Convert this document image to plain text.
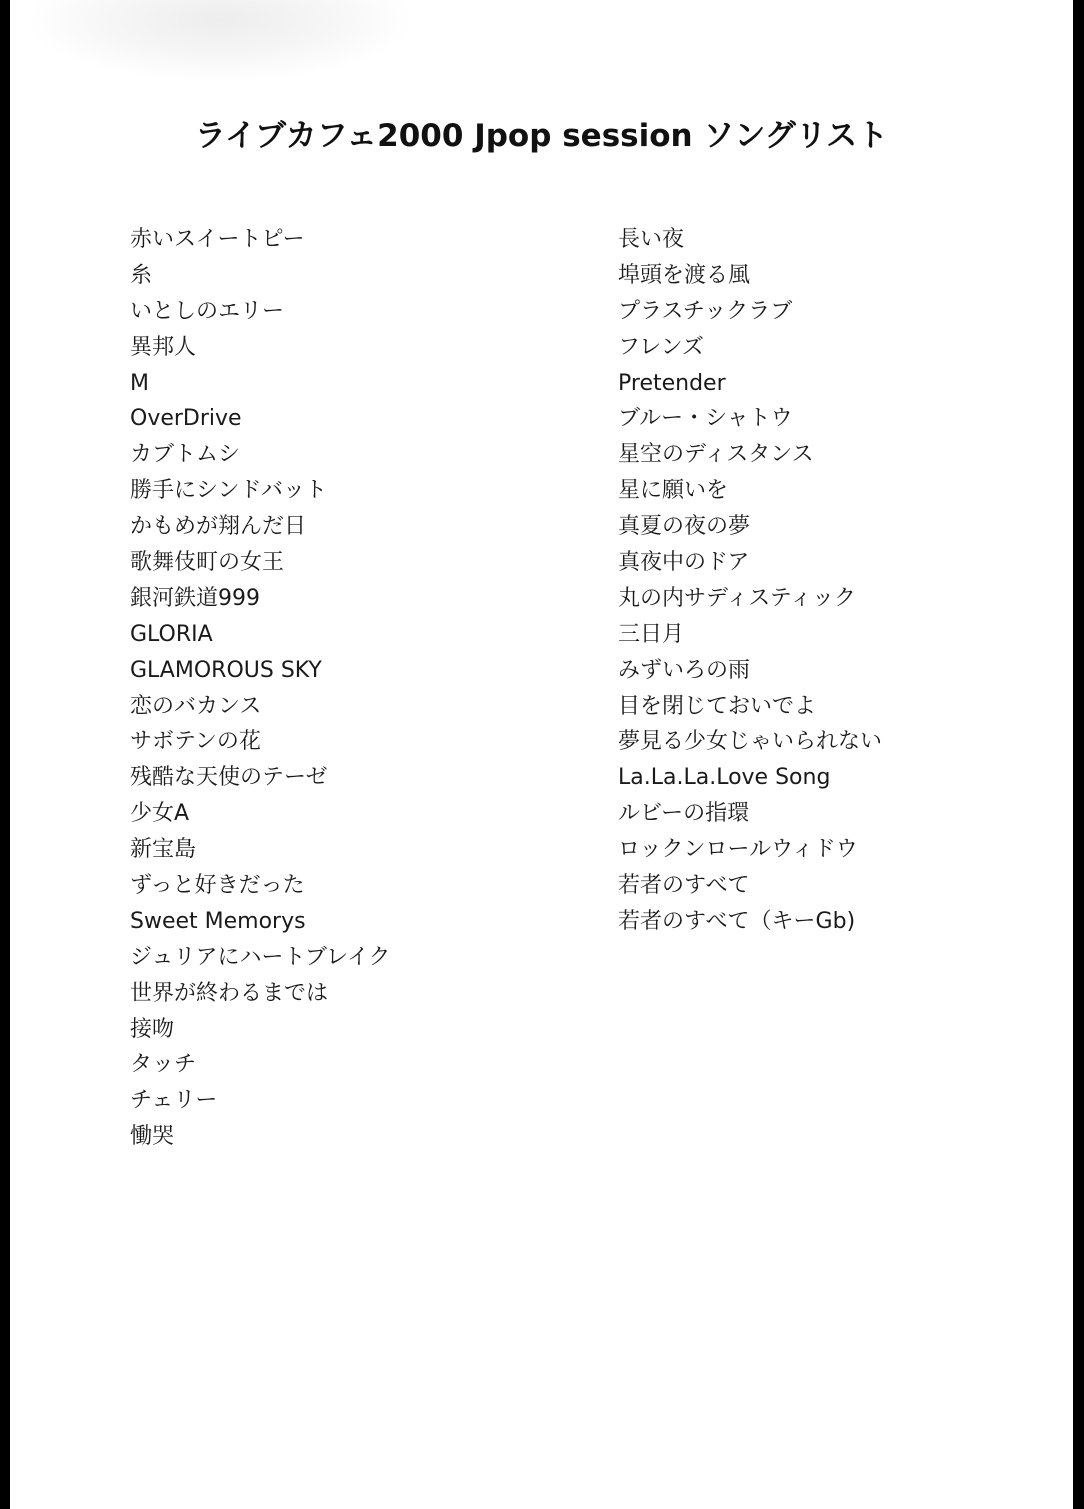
ライブカフェ2000 Jpop session ソングリスト
赤いスイートピー
糸
いとしのエリー
異邦人
M
OverDrive
カブトムシ
勝手にシンドバット
かもめが翔んだ日
歌舞伎町の女王
銀河鉄道999
GLORIA
GLAMOROUS SKY
恋のバカンス
サボテンの花
残酷な天使のテーゼ
少女A
新宝島
ずっと好きだった
Sweet Memorys
ジュリアにハートブレイク
世界が終わるまでは
接吻
タッチ
チェリー
慟哭
長い夜
埠頭を渡る風
プラスチックラブ
フレンズ
Pretender
ブルー・シャトウ
星空のディスタンス
星に願いを
真夏の夜の夢
真夜中のドア
丸の内サディスティック
三日月
みずいろの雨
目を閉じておいでよ
夢見る少女じゃいられない
La.La.La.Love Song
ルビーの指環
ロックンロールウィドウ
若者のすべて
若者のすべて（キーGb)
